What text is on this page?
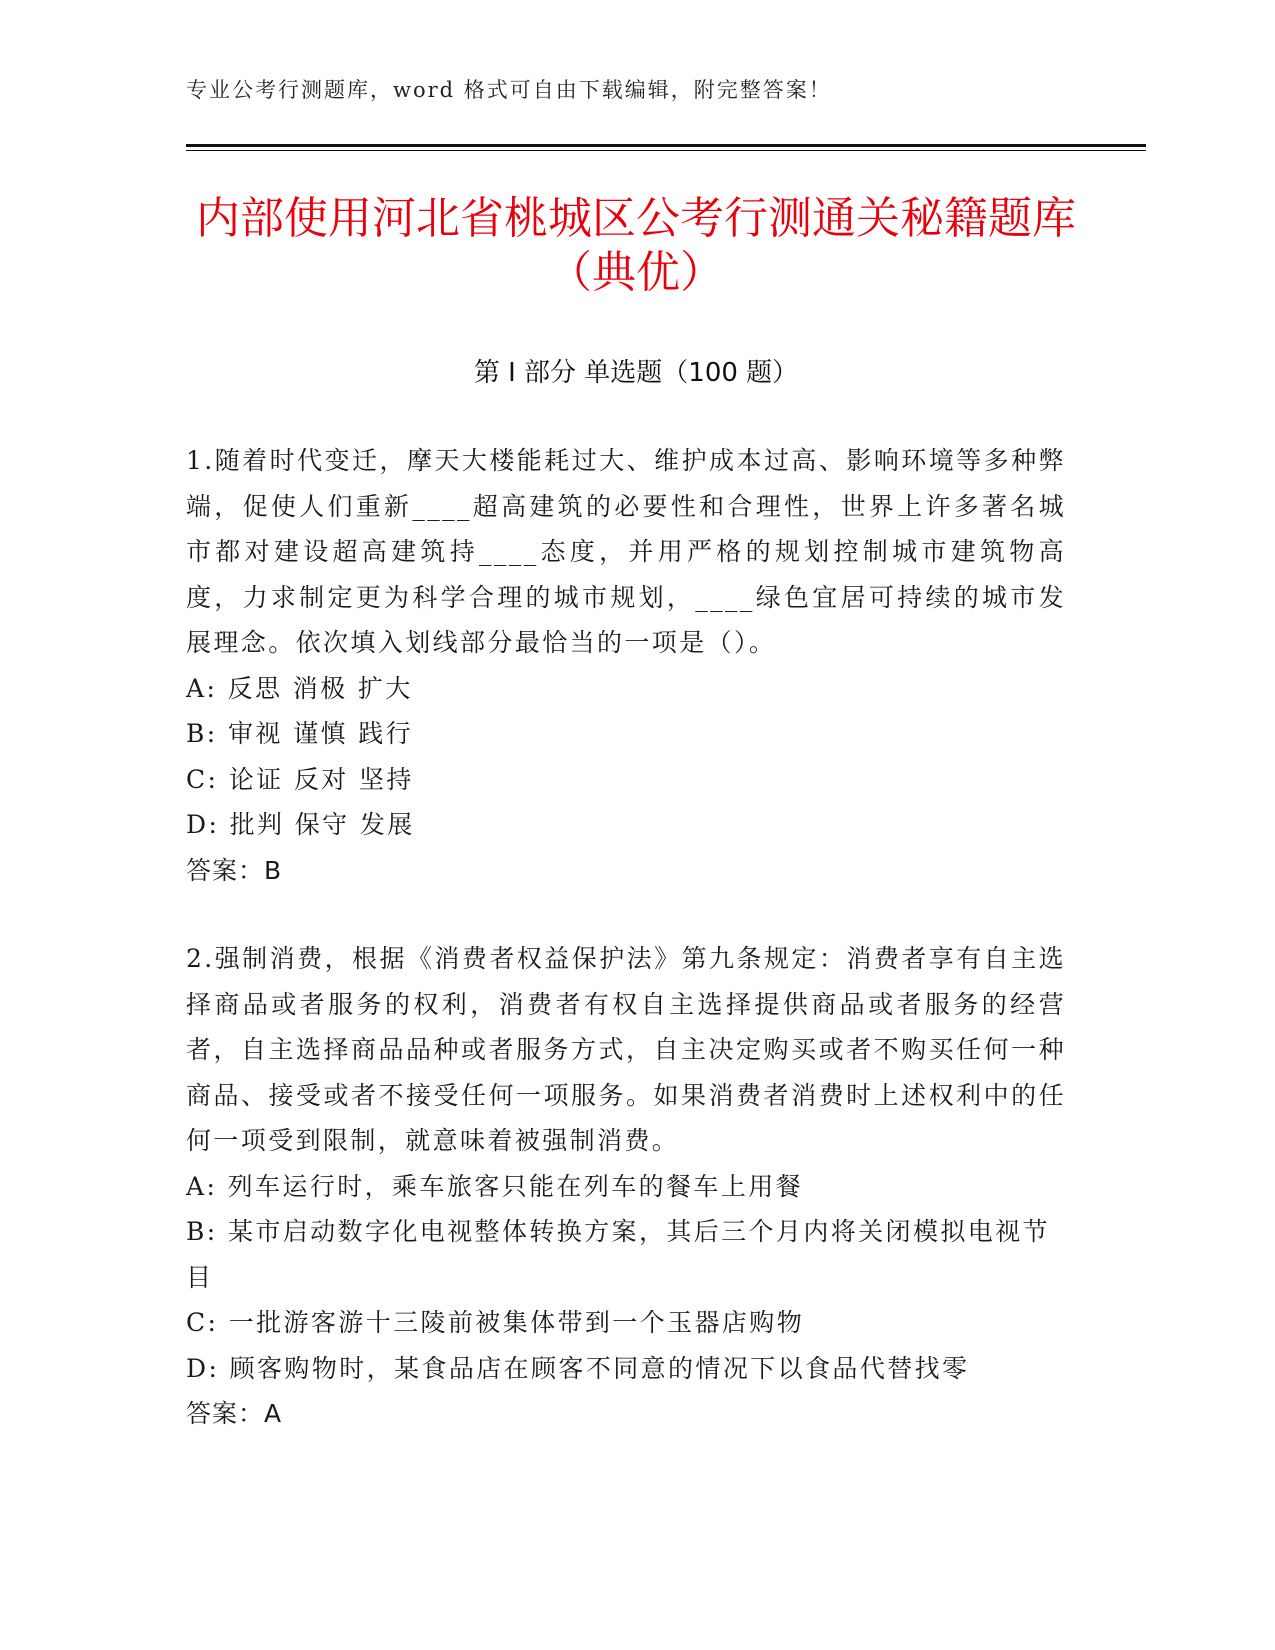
专业公考行测题库，word 格式可自由下载编辑，附完整答案！
内部使用河北省桃城区公考行测通关秘籍题库（典优）
第 I 部分 单选题（100 题）

1.随着时代变迁，摩天大楼能耗过大、维护成本过高、影响环境等多种弊端，促使人们重新____超高建筑的必要性和合理性，世界上许多著名城市都对建设超高建筑持____态度，并用严格的规划控制城市建筑物高度，力求制定更为科学合理的城市规划，____绿色宜居可持续的城市发展理念。依次填入划线部分最恰当的一项是（）。

A: 反思 消极 扩大

B: 审视 谨慎 践行

C: 论证 反对 坚持

D: 批判 保守 发展

答案：B

2.强制消费，根据《消费者权益保护法》第九条规定：消费者享有自主选择商品或者服务的权利，消费者有权自主选择提供商品或者服务的经营者，自主选择商品品种或者服务方式，自主决定购买或者不购买任何一种商品、接受或者不接受任何一项服务。如果消费者消费时上述权利中的任何一项受到限制，就意味着被强制消费。

A: 列车运行时，乘车旅客只能在列车的餐车上用餐

B: 某市启动数字化电视整体转换方案，其后三个月内将关闭模拟电视节目

C: 一批游客游十三陵前被集体带到一个玉器店购物

D: 顾客购物时，某食品店在顾客不同意的情况下以食品代替找零

答案：A
